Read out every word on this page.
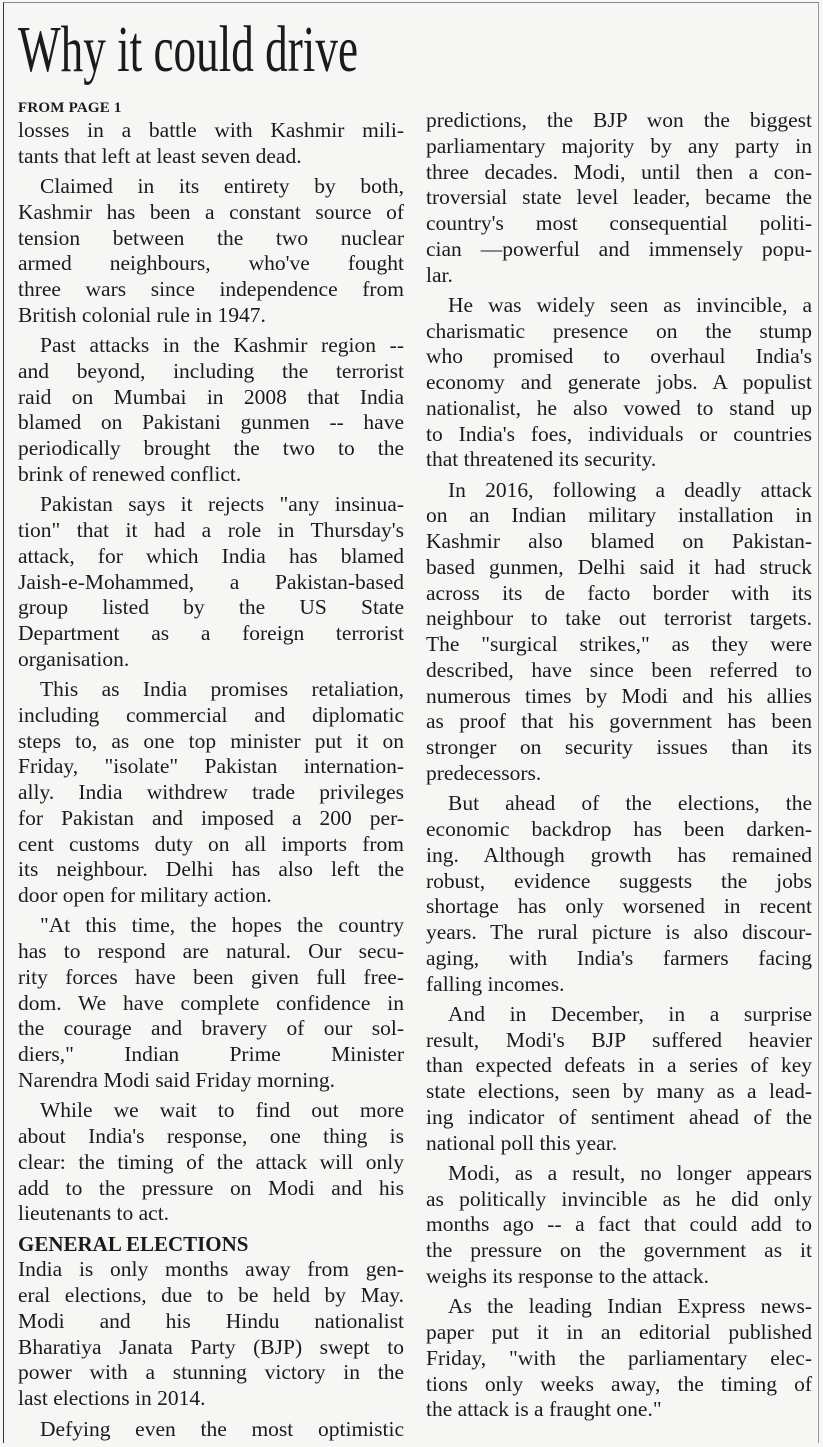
Why it could drive
FROM PAGE 1
losses in a battle with Kashmir mili-
tants that left at least seven dead.
Claimed in its entirety by both,
Kashmir has been a constant source of
tension between the two nuclear
armed neighbours, who've fought
three wars since independence from
British colonial rule in 1947.
Past attacks in the Kashmir region --
and beyond, including the terrorist
raid on Mumbai in 2008 that India
blamed on Pakistani gunmen -- have
periodically brought the two to the
brink of renewed conflict.
Pakistan says it rejects "any insinua-
tion" that it had a role in Thursday's
attack, for which India has blamed
Jaish-e-Mohammed, a Pakistan-based
group listed by the US State
Department as a foreign terrorist
organisation.
This as India promises retaliation,
including commercial and diplomatic
steps to, as one top minister put it on
Friday, "isolate" Pakistan internation-
ally. India withdrew trade privileges
for Pakistan and imposed a 200 per-
cent customs duty on all imports from
its neighbour. Delhi has also left the
door open for military action.
"At this time, the hopes the country
has to respond are natural. Our secu-
rity forces have been given full free-
dom. We have complete confidence in
the courage and bravery of our sol-
diers," Indian Prime Minister
Narendra Modi said Friday morning.
While we wait to find out more
about India's response, one thing is
clear: the timing of the attack will only
add to the pressure on Modi and his
lieutenants to act.
GENERAL ELECTIONS
India is only months away from gen-
eral elections, due to be held by May.
Modi and his Hindu nationalist
Bharatiya Janata Party (BJP) swept to
power with a stunning victory in the
last elections in 2014.
Defying even the most optimistic
predictions, the BJP won the biggest
parliamentary majority by any party in
three decades. Modi, until then a con-
troversial state level leader, became the
country's most consequential politi-
cian —powerful and immensely popu-
lar.
He was widely seen as invincible, a
charismatic presence on the stump
who promised to overhaul India's
economy and generate jobs. A populist
nationalist, he also vowed to stand up
to India's foes, individuals or countries
that threatened its security.
In 2016, following a deadly attack
on an Indian military installation in
Kashmir also blamed on Pakistan-
based gunmen, Delhi said it had struck
across its de facto border with its
neighbour to take out terrorist targets.
The "surgical strikes," as they were
described, have since been referred to
numerous times by Modi and his allies
as proof that his government has been
stronger on security issues than its
predecessors.
But ahead of the elections, the
economic backdrop has been darken-
ing. Although growth has remained
robust, evidence suggests the jobs
shortage has only worsened in recent
years. The rural picture is also discour-
aging, with India's farmers facing
falling incomes.
And in December, in a surprise
result, Modi's BJP suffered heavier
than expected defeats in a series of key
state elections, seen by many as a lead-
ing indicator of sentiment ahead of the
national poll this year.
Modi, as a result, no longer appears
as politically invincible as he did only
months ago -- a fact that could add to
the pressure on the government as it
weighs its response to the attack.
As the leading Indian Express news-
paper put it in an editorial published
Friday, "with the parliamentary elec-
tions only weeks away, the timing of
the attack is a fraught one."
